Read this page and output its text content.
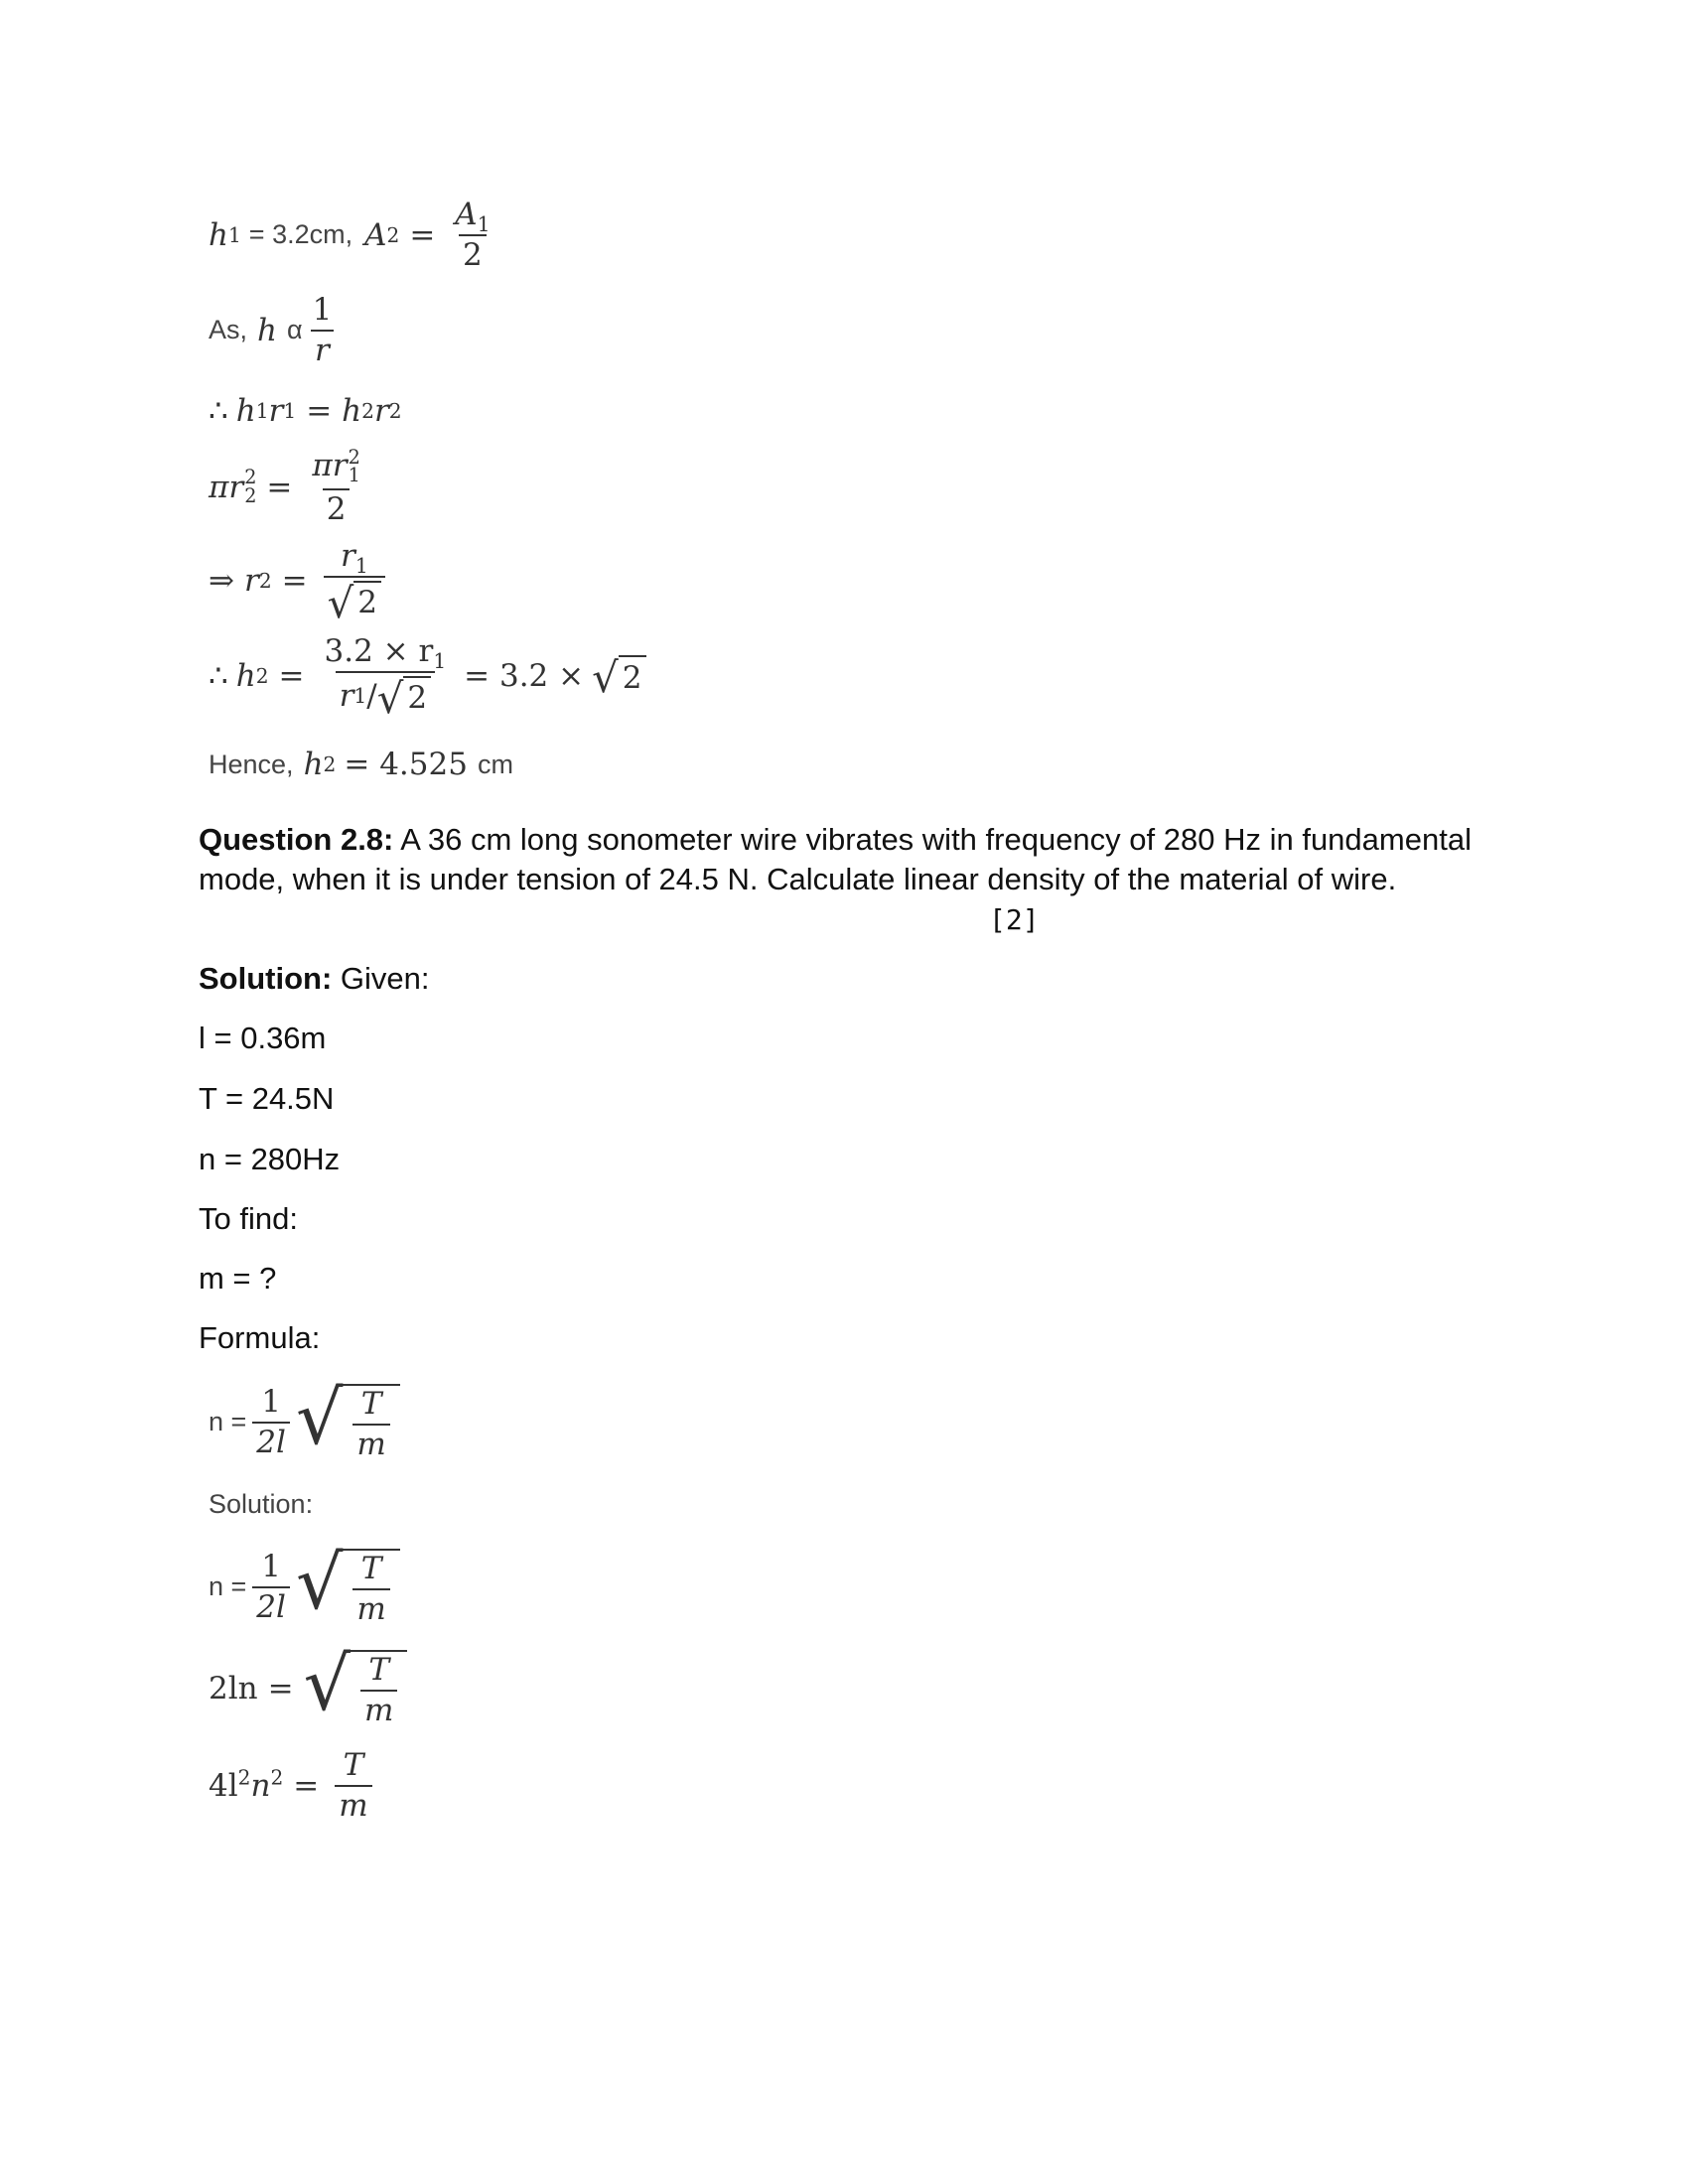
h 1 = 3.2cm, A $2 = \frac{A_1}{2}$
As, h α $\frac{1}{r}$
∴ h 1 r 1 = h 2 r 2
πr 2
2 = πr 2
1
2
⇒ r $2 = \frac{r_1}{√ 2}$
∴ h $2 = \frac{3.2 \times r_1}{r 1 / √ 2} = 3.2$ × √ 2
Hence, h 2 = 4.525 cm
Question 2.8: A 36 cm long sonometer wire vibrates with frequency of 280 Hz in fundamental mode, when it is under tension of 24.5 N. Calculate linear density of the material of wire.
[2]
Solution: Given:
l = 0.36m
T = 24.5N
n = 280Hz
To find:
m = ?
Formula:
$n = \frac{1}{2l}$ √ $\frac{T}{m}$
Solution:
$n = \frac{1}{2l}$ √ $\frac{T}{m}$
2ln = √ $\frac{T}{m}$
$4l^2n^2 = \frac{T}{m}$
